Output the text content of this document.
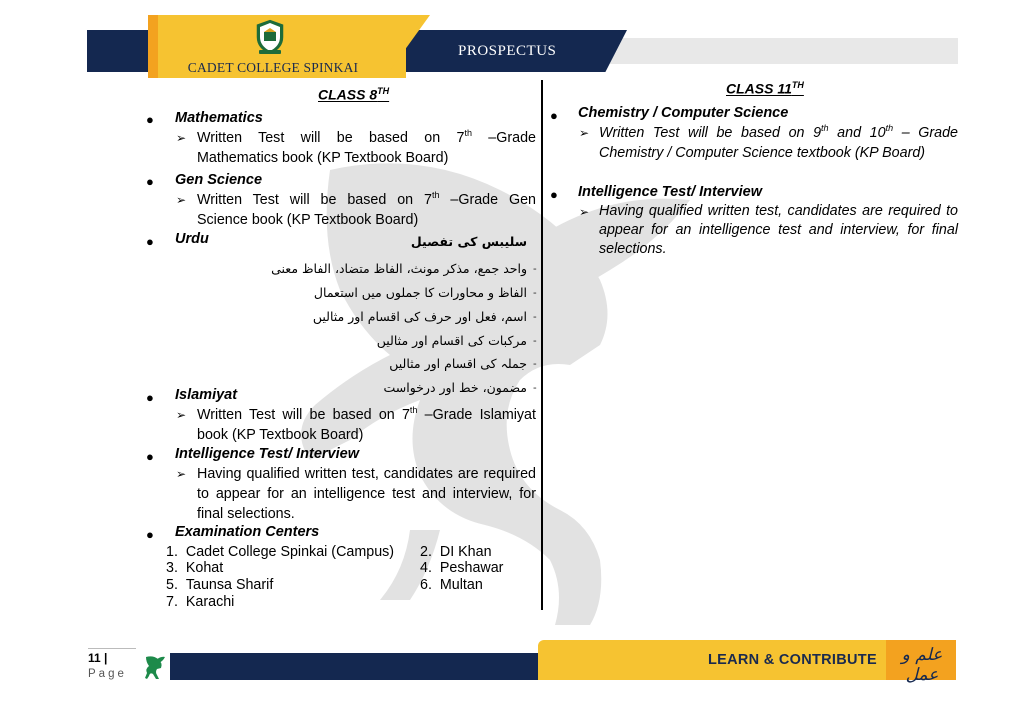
CADET COLLEGE SPINKAI
PROSPECTUS
CLASS 8TH
● Mathematics
➢ Written Test will be based on 7th –Grade
Mathematics book (KP Textbook Board)
● Gen Science
➢ Written Test will be based on 7th –Grade Gen
Science book (KP Textbook Board)
● Urdu	سلیبس کی تفصیل
-
واحد جمع، مذکر مونث، الفاظ متضاد، الفاظ معنی
-
الفاظ و محاورات کا جملوں میں استعمال
-
اسم، فعل اور حرف کی اقسام اور مثالیں
-
مرکبات کی اقسام اور مثالیں
-
جملہ کی اقسام اور مثالیں
-
مضمون، خط اور درخواست
● Islamiyat
➢ Written Test will be based on 7th –Grade Islamiyat
book (KP Textbook Board)
● Intelligence Test/ Interview
➢ Having qualified written test, candidates are required
to appear for an intelligence test and interview, for
final selections.
● Examination Centers
1.  Cadet College Spinkai (Campus) 2.  DI Khan
3.  Kohat	4.  Peshawar
5.  Taunsa Sharif	6.  Multan
7.  Karachi
CLASS 11TH
● Chemistry / Computer Science
➢ Written Test will be based on 9th and 10th – Grade
Chemistry / Computer Science textbook (KP Board)
● Intelligence Test/ Interview
➢ Having qualified written test, candidates are required to
appear for an intelligence test and interview, for final
selections.
11 |
Page
LEARN & CONTRIBUTE	علم و عمل
